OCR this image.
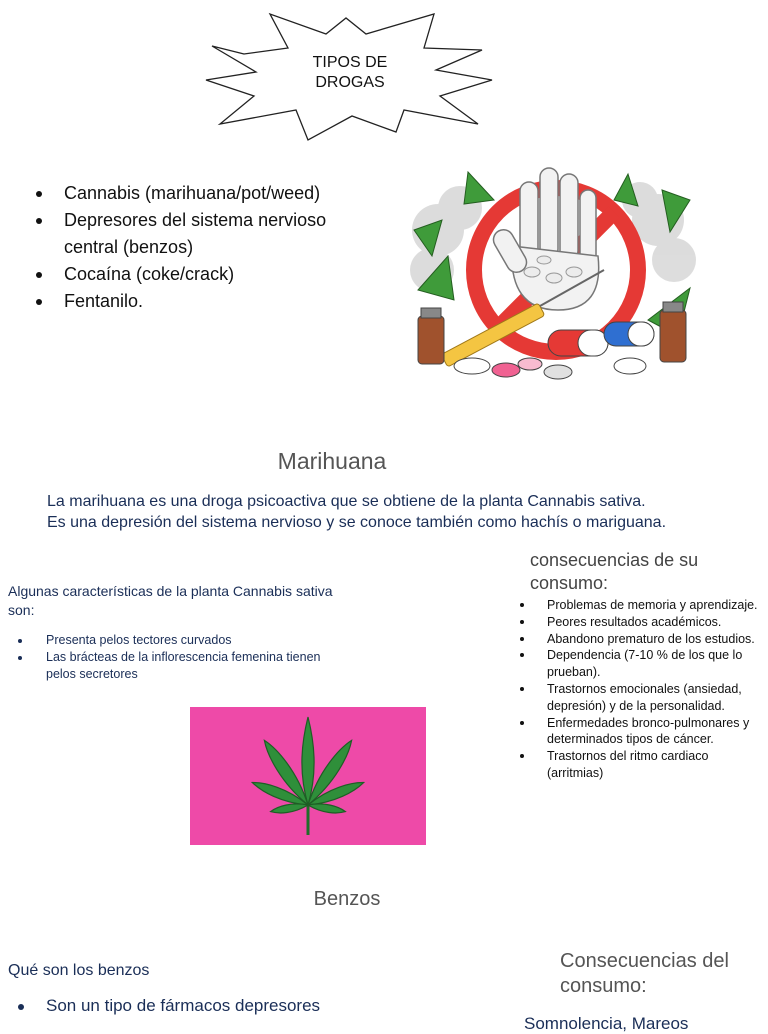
TIPOS DE DROGAS
Cannabis (marihuana/pot/weed)
Depresores del sistema nervioso central (benzos)
Cocaína (coke/crack)
Fentanilo.
Marihuana
La marihuana es una droga psicoactiva que se obtiene de la planta Cannabis sativa. Es una depresión del sistema nervioso y se conoce también como hachís o mariguana.
Algunas características de la planta Cannabis sativa son:
Presenta pelos tectores curvados
Las brácteas de la inflorescencia femenina tienen pelos secretores
consecuencias de su consumo:
Problemas de memoria y aprendizaje.
Peores resultados académicos.
Abandono prematuro de los estudios.
Dependencia (7-10 % de los que lo prueban).
Trastornos emocionales (ansiedad, depresión) y de la personalidad.
Enfermedades bronco-pulmonares y determinados tipos de cáncer.
Trastornos del ritmo cardiaco (arritmias)
Benzos
Qué son los benzos
Son un tipo de fármacos depresores
Consecuencias del consumo:
Somnolencia, Mareos
